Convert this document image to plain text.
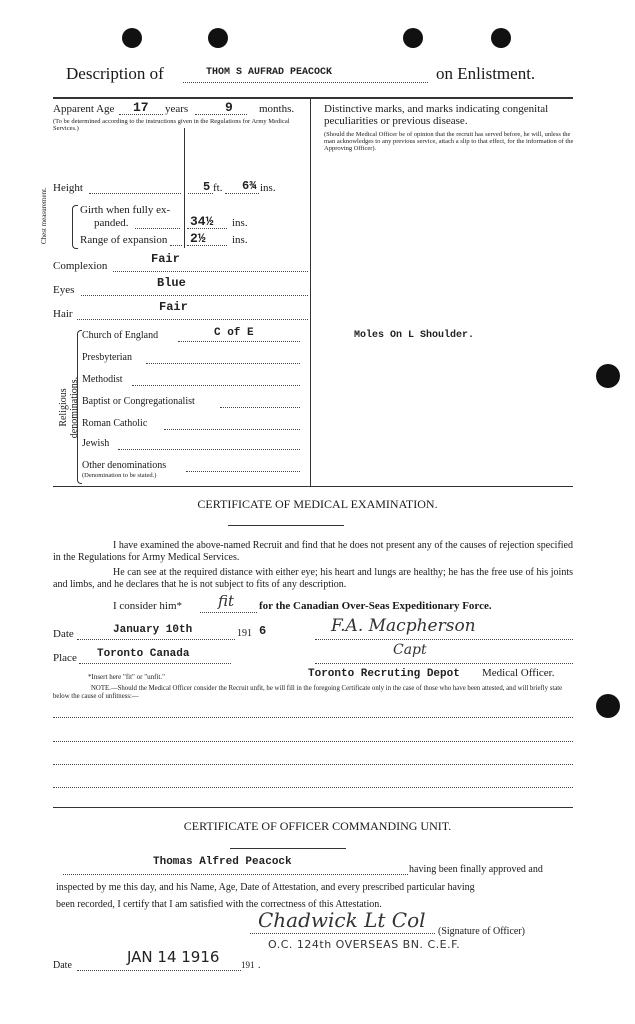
Description of	THOM S AUFRAD PEACOCK	on Enlistment.
Apparent Age 17 years	9 months.
(To be determined according to the instructions given in the Regulations for Army Medical Services.)
Height	5 ft. 6¾ ins.
Chest measurement.	Girth when fully ex-
panded.	34½ ins.
Range of expansion 2½ ins.
Complexion	Fair
Eyes	Blue
Hair	Fair
Religious denominations.
Church of England	C of E
Presbyterian
Methodist
Baptist or Congregationalist
Roman Catholic
Jewish
Other denominations
(Denomination to be stated.)
Distinctive marks, and marks indicating congenital peculiarities or previous disease.
(Should the Medical Officer be of opinion that the recruit has served before, he will, unless the man acknowledges to any previous service, attach a slip to that effect, for the information of the Approving Officer).
Moles On L Shoulder.
CERTIFICATE OF MEDICAL EXAMINATION.
I have examined the above-named Recruit and find that he does not present any of the causes of rejection specified in the Regulations for Army Medical Services.
He can see at the required distance with either eye; his heart and lungs are healthy; he has the free use of his joints and limbs, and he declares that he is not subject to fits of any description.
I consider him* fit for the Canadian Over-Seas Expeditionary Force.
Date	January 10th	191 6	F.A. Macpherson
Place Toronto Canada	Capt
*Insert here "fit" or "unfit."	Toronto Recruting Depot Medical Officer.
NOTE.—Should the Medical Officer consider the Recruit unfit, he will fill in the foregoing Certificate only in the case of those who have been attested, and will briefly state below the cause of unfitness:—
CERTIFICATE OF OFFICER COMMANDING UNIT.
Thomas Alfred Peacock
having been finally approved and
inspected by me this day, and his Name, Age, Date of Attestation, and every prescribed particular having
been recorded, I certify that I am satisfied with the correctness of this Attestation.
Chadwick Lt Col (Signature of Officer)
O.C. 124th OVERSEAS BN. C.E.F.
Date	JAN 14 1916 191 .
